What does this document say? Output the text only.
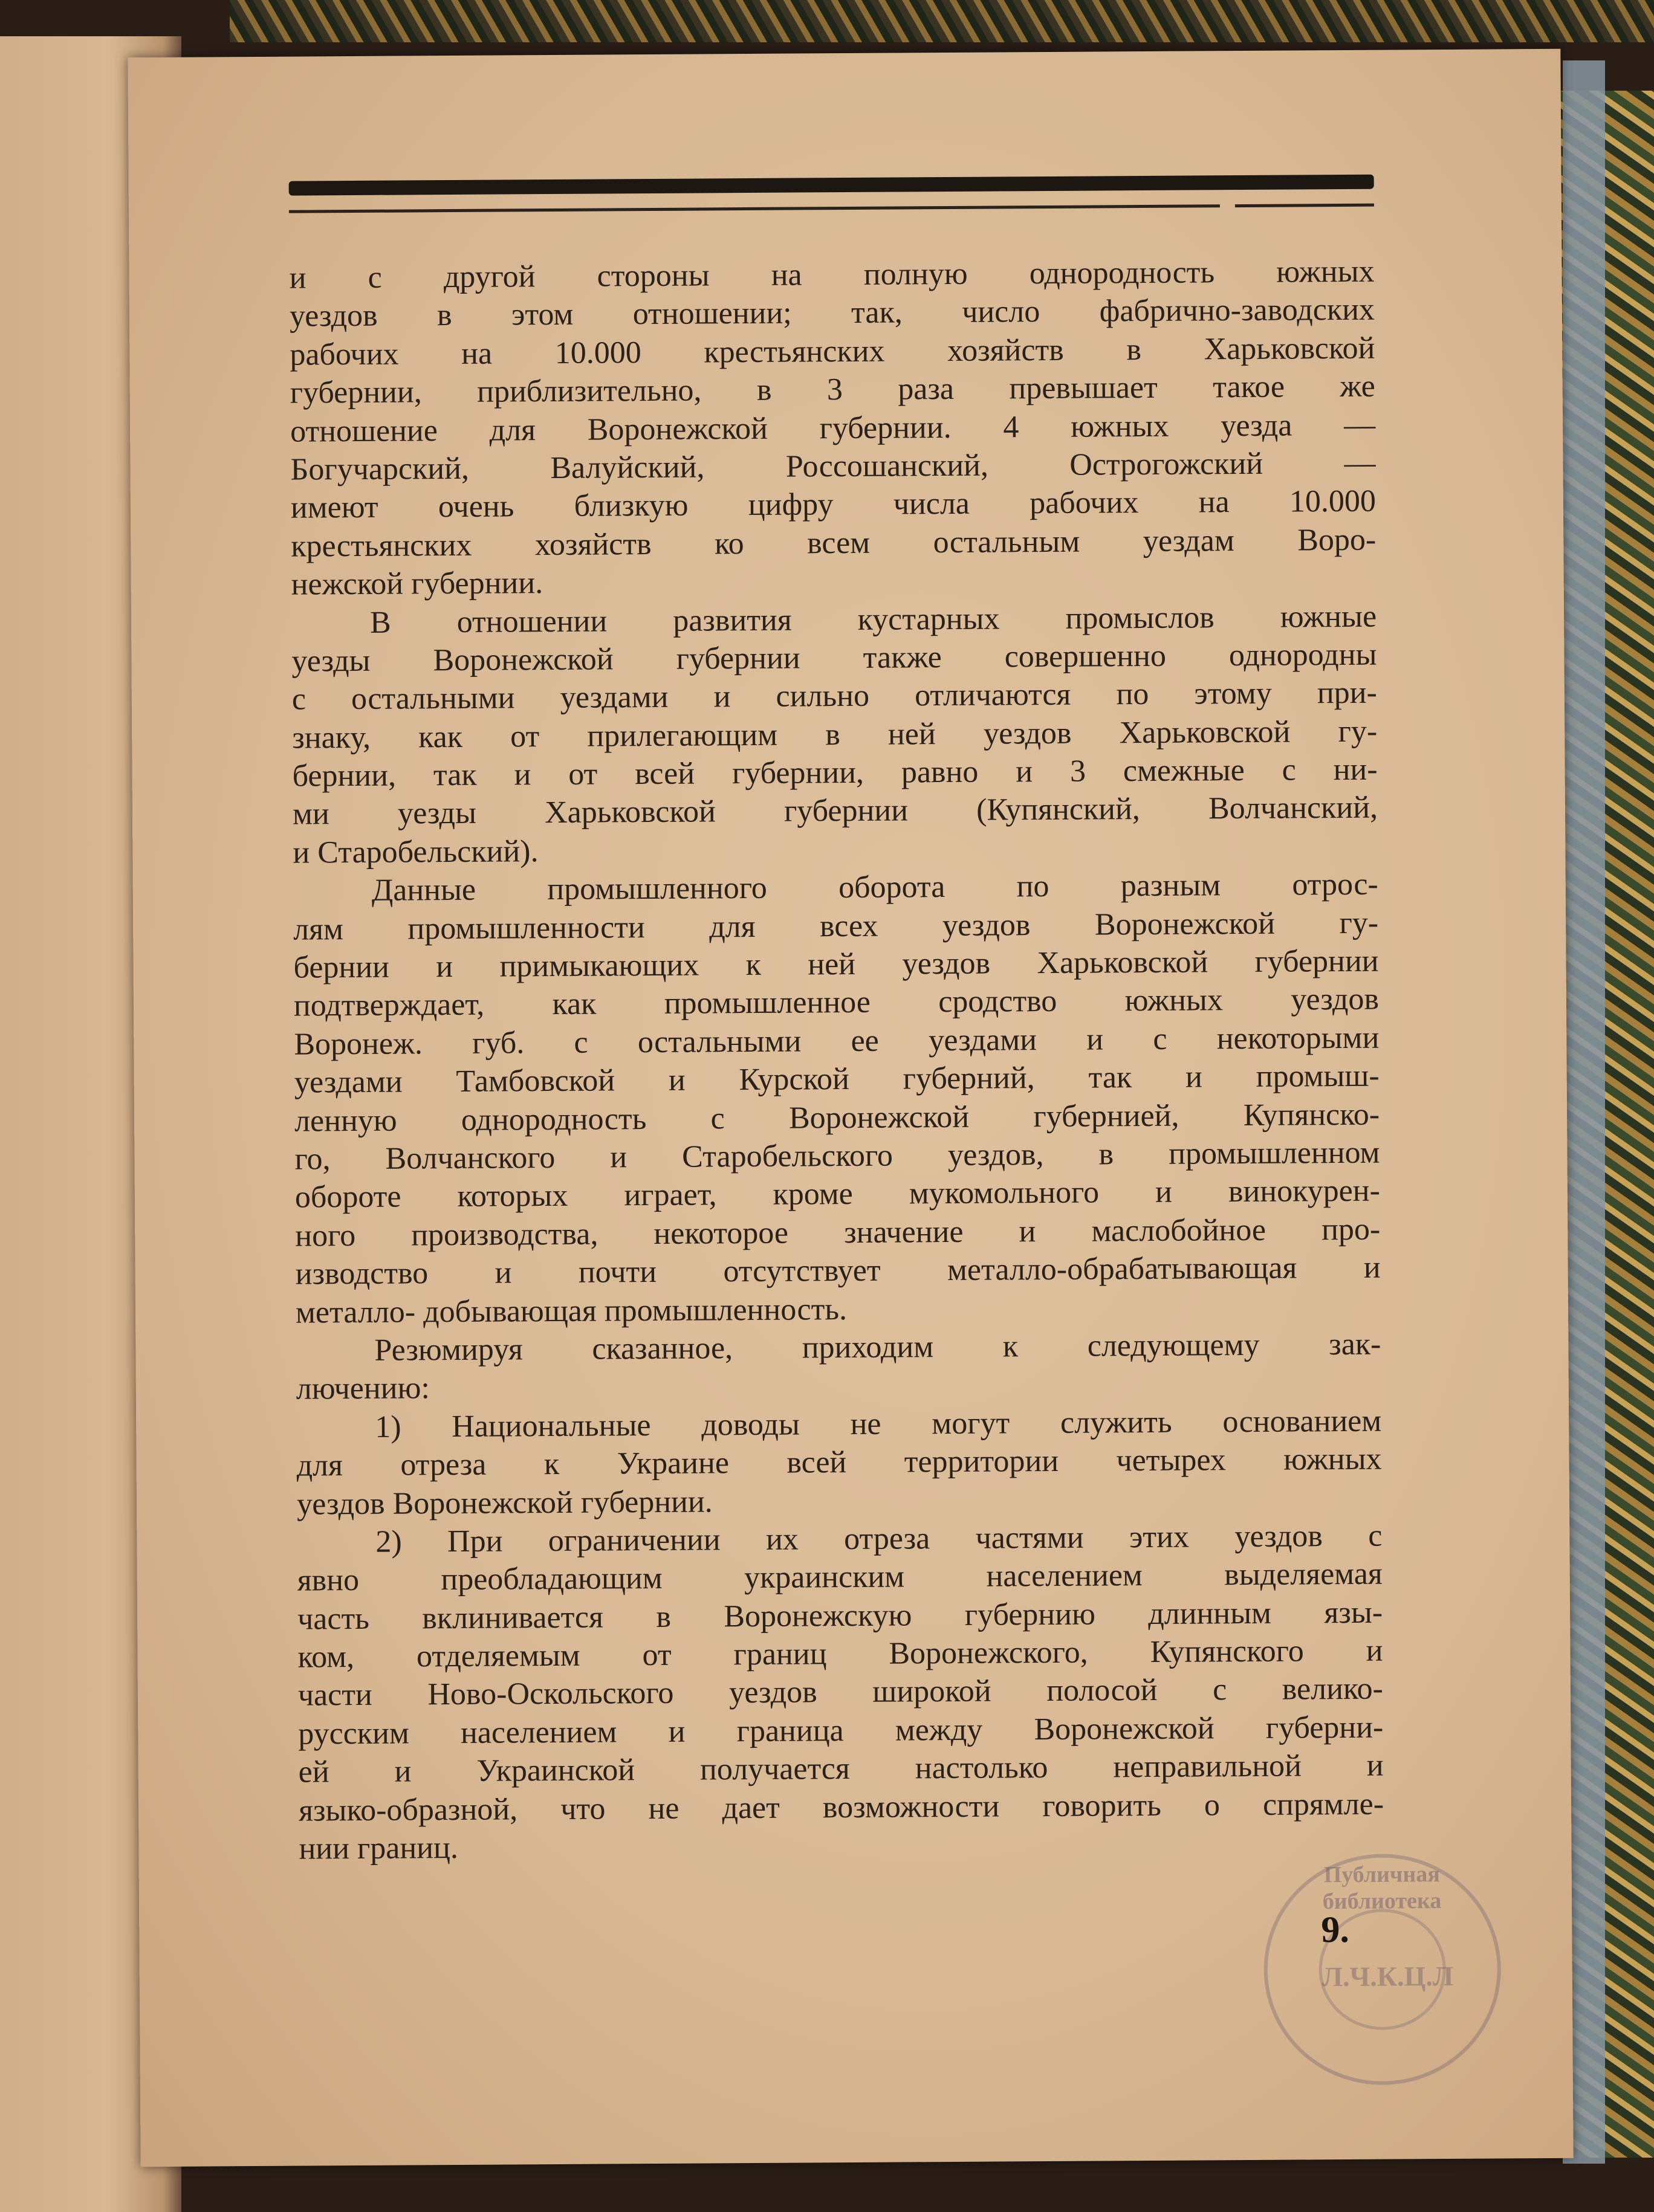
и с другой стороны на полную однородность южных
уездов в этом отношении; так, число фабрично-заводских
рабочих на 10.000 крестьянских хозяйств в Харьковской
губернии, приблизительно, в 3 раза превышает такое же
отношение для Воронежской губернии. 4 южных уезда —
Богучарский, Валуйский, Россошанский, Острогожский —
имеют очень близкую цифру числа рабочих на 10.000
крестьянских хозяйств ко всем остальным уездам Воро-
нежской губернии.
В отношении развития кустарных промыслов южные
уезды Воронежской губернии также совершенно однородны
с остальными уездами и сильно отличаются по этому при-
знаку, как от прилегающим в ней уездов Харьковской гу-
бернии, так и от всей губернии, равно и 3 смежные с ни-
ми уезды Харьковской губернии (Купянский, Волчанский,
и Старобельский).
Данные промышленного оборота по разным отрос-
лям промышленности для всех уездов Воронежской гу-
бернии и примыкающих к ней уездов Харьковской губернии
подтверждает, как промышленное сродство южных уездов
Воронеж. губ. с остальными ее уездами и с некоторыми
уездами Тамбовской и Курской губерний, так и промыш-
ленную однородность с Воронежской губернией, Купянско-
го, Волчанского и Старобельского уездов, в промышленном
обороте которых играет, кроме мукомольного и винокурен-
ного производства, некоторое значение и маслобойное про-
изводство и почти отсутствует металло-обрабатывающая и
металло- добывающая промышленность.
Резюмируя сказанное, приходим к следующему зак-
лючению:
1) Национальные доводы не могут служить основанием
для отреза к Украине всей территории четырех южных
уездов Воронежской губернии.
2) При ограничении их отреза частями этих уездов с
явно преобладающим украинским населением выделяемая
часть вклинивается в Воронежскую губернию длинным язы-
ком, отделяемым от границ Воронежского, Купянского и
части Ново-Оскольского уездов широкой полосой с велико-
русским населением и граница между Воронежской губерни-
ей и Украинской получается настолько неправильной и
языко-образной, что не дает возможности говорить о спрямле-
нии границ.
Публичная библиотека
Л.Ч.К.Ц.Л
9.
